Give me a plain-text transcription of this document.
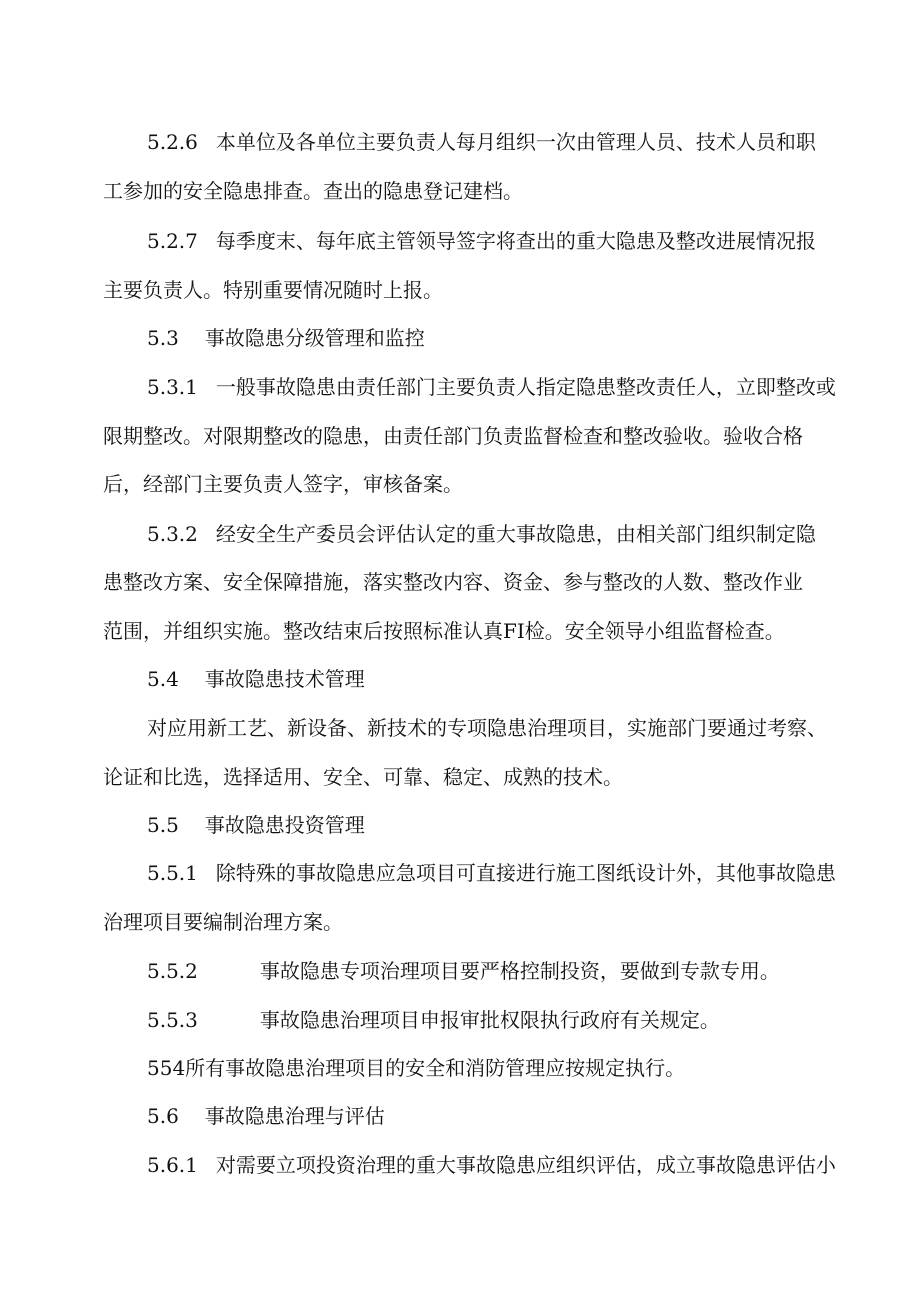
5.2.6 本单位及各单位主要负责人每月组织一次由管理人员、技术人员和职
工参加的安全隐患排查。查出的隐患登记建档。
5.2.7 每季度末、每年底主管领导签字将查出的重大隐患及整改进展情况报
主要负责人。特别重要情况随时上报。
5.3 事故隐患分级管理和监控
5.3.1 一般事故隐患由责任部门主要负责人指定隐患整改责任人，立即整改或
限期整改。对限期整改的隐患，由责任部门负责监督检查和整改验收。验收合格
后，经部门主要负责人签字，审核备案。
5.3.2 经安全生产委员会评估认定的重大事故隐患，由相关部门组织制定隐
患整改方案、安全保障措施，落实整改内容、资金、参与整改的人数、整改作业
范围，并组织实施。整改结束后按照标准认真FI检。安全领导小组监督检查。
5.4 事故隐患技术管理
对应用新工艺、新设备、新技术的专项隐患治理项目，实施部门要通过考察、
论证和比选，选择适用、安全、可靠、稳定、成熟的技术。
5.5 事故隐患投资管理
5.5.1 除特殊的事故隐患应急项目可直接进行施工图纸设计外，其他事故隐患
治理项目要编制治理方案。
5.5.2	事故隐患专项治理项目要严格控制投资，要做到专款专用。
5.5.3	事故隐患治理项目申报审批权限执行政府有关规定。
554所有事故隐患治理项目的安全和消防管理应按规定执行。
5.6 事故隐患治理与评估
5.6.1 对需要立项投资治理的重大事故隐患应组织评估，成立事故隐患评估小
